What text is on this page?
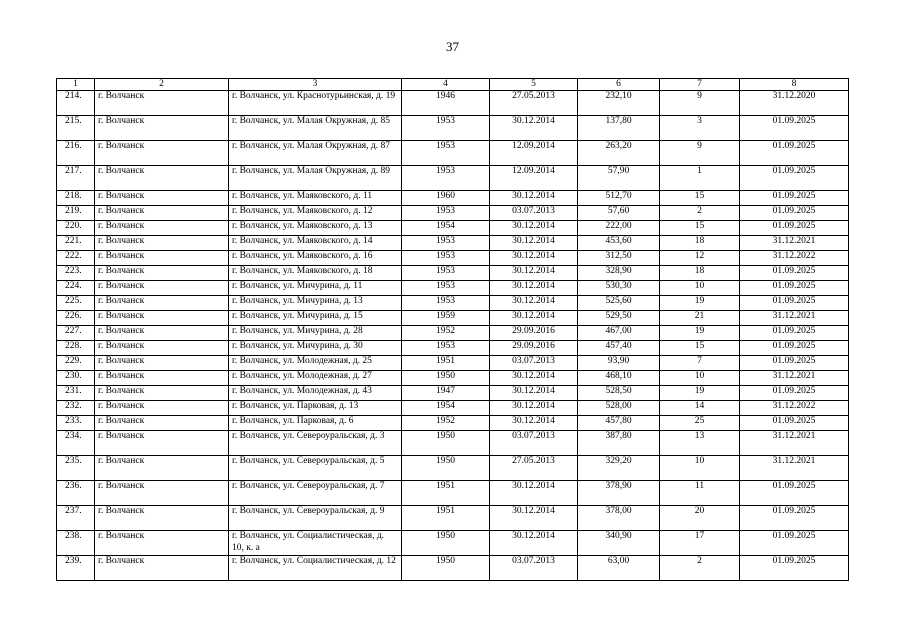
37
1	2	3	4	5	6	7	8
214.	г. Волчанск	г. Волчанск, ул. Краснотурьинская, д. 19	1946	27.05.2013	232,10	9	31.12.2020
215.	г. Волчанск	г. Волчанск, ул. Малая Окружная, д. 85	1953	30.12.2014	137,80	3	01.09.2025
216.	г. Волчанск	г. Волчанск, ул. Малая Окружная, д. 87	1953	12.09.2014	263,20	9	01.09.2025
217.	г. Волчанск	г. Волчанск, ул. Малая Окружная, д. 89	1953	12.09.2014	57,90	1	01.09.2025
218.	г. Волчанск	г. Волчанск, ул. Маяковского, д. 11	1960	30.12.2014	512,70	15	01.09.2025
219.	г. Волчанск	г. Волчанск, ул. Маяковского, д. 12	1953	03.07.2013	57,60	2	01.09.2025
220.	г. Волчанск	г. Волчанск, ул. Маяковского, д. 13	1954	30.12.2014	222,00	15	01.09.2025
221.	г. Волчанск	г. Волчанск, ул. Маяковского, д. 14	1953	30.12.2014	453,60	18	31.12.2021
222.	г. Волчанск	г. Волчанск, ул. Маяковского, д. 16	1953	30.12.2014	312,50	12	31.12.2022
223.	г. Волчанск	г. Волчанск, ул. Маяковского, д. 18	1953	30.12.2014	328,90	18	01.09.2025
224.	г. Волчанск	г. Волчанск, ул. Мичурина, д. 11	1953	30.12.2014	530,30	10	01.09.2025
225.	г. Волчанск	г. Волчанск, ул. Мичурина, д. 13	1953	30.12.2014	525,60	19	01.09.2025
226.	г. Волчанск	г. Волчанск, ул. Мичурина, д. 15	1959	30.12.2014	529,50	21	31.12.2021
227.	г. Волчанск	г. Волчанск, ул. Мичурина, д. 28	1952	29.09.2016	467,00	19	01.09.2025
228.	г. Волчанск	г. Волчанск, ул. Мичурина, д. 30	1953	29.09.2016	457,40	15	01.09.2025
229.	г. Волчанск	г. Волчанск, ул. Молодежная, д. 25	1951	03.07.2013	93,90	7	01.09.2025
230.	г. Волчанск	г. Волчанск, ул. Молодежная, д. 27	1950	30.12.2014	468,10	10	31.12.2021
231.	г. Волчанск	г. Волчанск, ул. Молодежная, д. 43	1947	30.12.2014	528,50	19	01.09.2025
232.	г. Волчанск	г. Волчанск, ул. Парковая, д. 13	1954	30.12.2014	528,00	14	31.12.2022
233.	г. Волчанск	г. Волчанск, ул. Парковая, д. 6	1952	30.12.2014	457,80	25	01.09.2025
234.	г. Волчанск	г. Волчанск, ул. Североуральская, д. 3	1950	03.07.2013	387,80	13	31.12.2021
235.	г. Волчанск	г. Волчанск, ул. Североуральская, д. 5	1950	27.05.2013	329,20	10	31.12.2021
236.	г. Волчанск	г. Волчанск, ул. Североуральская, д. 7	1951	30.12.2014	378,90	11	01.09.2025
237.	г. Волчанск	г. Волчанск, ул. Североуральская, д. 9	1951	30.12.2014	378,00	20	01.09.2025
238.	г. Волчанск	г. Волчанск, ул. Социалистическая, д. 10, к. а	1950	30.12.2014	340,90	17	01.09.2025
239.	г. Волчанск	г. Волчанск, ул. Социалистическая, д. 12	1950	03.07.2013	63,00	2	01.09.2025
